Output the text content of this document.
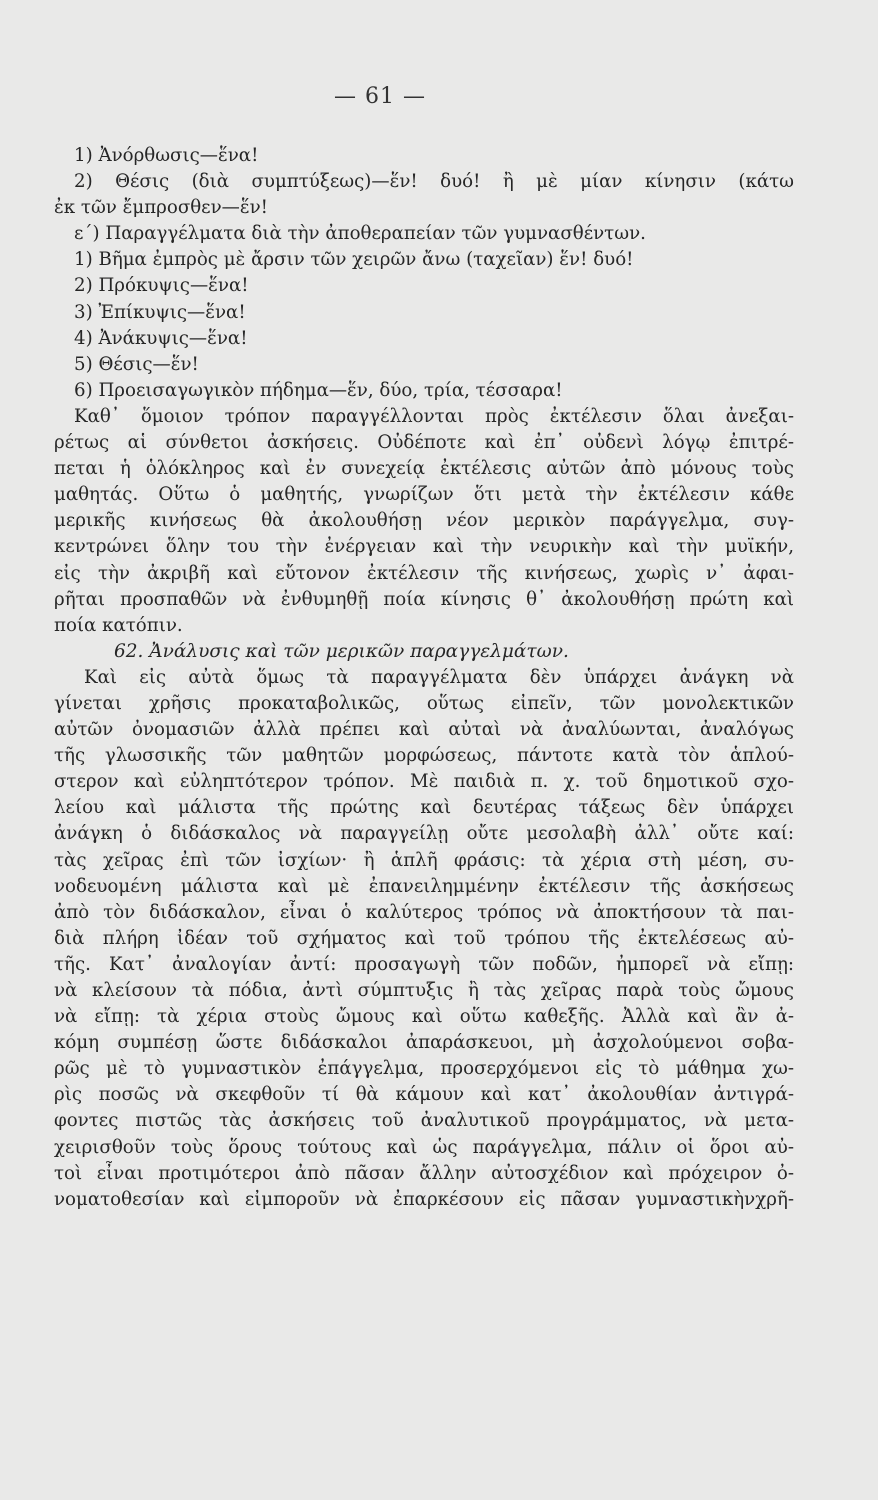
— 61 —
1) Ἀνόρθωσις—ἕνα!
2) Θέσις (διὰ συμπτύξεως)—ἕν! δυό! ἢ μὲ μίαν κίνησιν (κάτω
ἐκ τῶν ἔμπροσθεν—ἕν!
ε´) Παραγγέλματα διὰ τὴν ἀποθεραπείαν τῶν γυμνασθέντων.
1) Βῆμα ἐμπρὸς μὲ ἄρσιν τῶν χειρῶν ἄνω (ταχεῖαν) ἕν! δυό!
2) Πρόκυψις—ἕνα!
3) Ἐπίκυψις—ἕνα!
4) Ἀνάκυψις—ἕνα!
5) Θέσις—ἕν!
6) Προεισαγωγικὸν πήδημα—ἕν, δύο, τρία, τέσσαρα!
Καθ᾽ ὅμοιον τρόπον παραγγέλλονται πρὸς ἐκτέλεσιν ὅλαι ἀνεξαι-
ρέτως αἱ σύνθετοι ἀσκήσεις. Οὐδέποτε καὶ ἐπ᾽ οὐδενὶ λόγῳ ἐπιτρέ-
πεται ἡ ὁλόκληρος καὶ ἐν συνεχείᾳ ἐκτέλεσις αὐτῶν ἀπὸ μόνους τοὺς
μαθητάς. Οὕτω ὁ μαθητής, γνωρίζων ὅτι μετὰ τὴν ἐκτέλεσιν κάθε
μερικῆς κινήσεως θὰ ἀκολουθήσῃ νέον μερικὸν παράγγελμα, συγ-
κεντρώνει ὅλην του τὴν ἐνέργειαν καὶ τὴν νευρικὴν καὶ τὴν μυϊκήν,
εἰς τὴν ἀκριβῆ καὶ εὔτονον ἐκτέλεσιν τῆς κινήσεως, χωρὶς ν᾽ ἀφαι-
ρῆται προσπαθῶν νὰ ἐνθυμηθῇ ποία κίνησις θ᾽ ἀκολουθήσῃ πρώτη καὶ
ποία κατόπιν.
62. Ἀνάλυσις καὶ τῶν μερικῶν παραγγελμάτων.
Καὶ εἰς αὐτὰ ὅμως τὰ παραγγέλματα δὲν ὑπάρχει ἀνάγκη νὰ
γίνεται χρῆσις προκαταβολικῶς, οὕτως εἰπεῖν, τῶν μονολεκτικῶν
αὐτῶν ὀνομασιῶν ἀλλὰ πρέπει καὶ αὐταὶ νὰ ἀναλύωνται, ἀναλόγως
τῆς γλωσσικῆς τῶν μαθητῶν μορφώσεως, πάντοτε κατὰ τὸν ἁπλού-
στερον καὶ εὐληπτότερον τρόπον. Μὲ παιδιὰ π. χ. τοῦ δημοτικοῦ σχο-
λείου καὶ μάλιστα τῆς πρώτης καὶ δευτέρας τάξεως δὲν ὑπάρχει
ἀνάγκη ὁ διδάσκαλος νὰ παραγγείλῃ οὔτε μεσολαβὴ ἀλλ᾽ οὔτε καί:
τὰς χεῖρας ἐπὶ τῶν ἰσχίων· ἢ ἁπλῆ φράσις: τὰ χέρια στὴ μέση, συ-
νοδευομένη μάλιστα καὶ μὲ ἐπανειλημμένην ἐκτέλεσιν τῆς ἀσκήσεως
ἀπὸ τὸν διδάσκαλον, εἶναι ὁ καλύτερος τρόπος νὰ ἀποκτήσουν τὰ παι-
διὰ πλήρη ἰδέαν τοῦ σχήματος καὶ τοῦ τρόπου τῆς ἐκτελέσεως αὐ-
τῆς. Κατ᾽ ἀναλογίαν ἀντί: προσαγωγὴ τῶν ποδῶν, ἠμπορεῖ νὰ εἴπῃ:
νὰ κλείσουν τὰ πόδια, ἀντὶ σύμπτυξις ἢ τὰς χεῖρας παρὰ τοὺς ὤμους
νὰ εἴπῃ: τὰ χέρια στοὺς ὤμους καὶ οὕτω καθεξῆς. Ἀλλὰ καὶ ἂν ἀ-
κόμη συμπέσῃ ὥστε διδάσκαλοι ἀπαράσκευοι, μὴ ἀσχολούμενοι σοβα-
ρῶς μὲ τὸ γυμναστικὸν ἐπάγγελμα, προσερχόμενοι εἰς τὸ μάθημα χω-
ρὶς ποσῶς νὰ σκεφθοῦν τί θὰ κάμουν καὶ κατ᾽ ἀκολουθίαν ἀντιγρά-
φοντες πιστῶς τὰς ἀσκήσεις τοῦ ἀναλυτικοῦ προγράμματος, νὰ μετα-
χειρισθοῦν τοὺς ὅρους τούτους καὶ ὡς παράγγελμα, πάλιν οἱ ὅροι αὐ-
τοὶ εἶναι προτιμότεροι ἀπὸ πᾶσαν ἄλλην αὐτοσχέδιον καὶ πρόχειρον ὀ-
νοματοθεσίαν καὶ εἰμποροῦν νὰ ἐπαρκέσουν εἰς πᾶσαν γυμναστικὴνχρῆ-
